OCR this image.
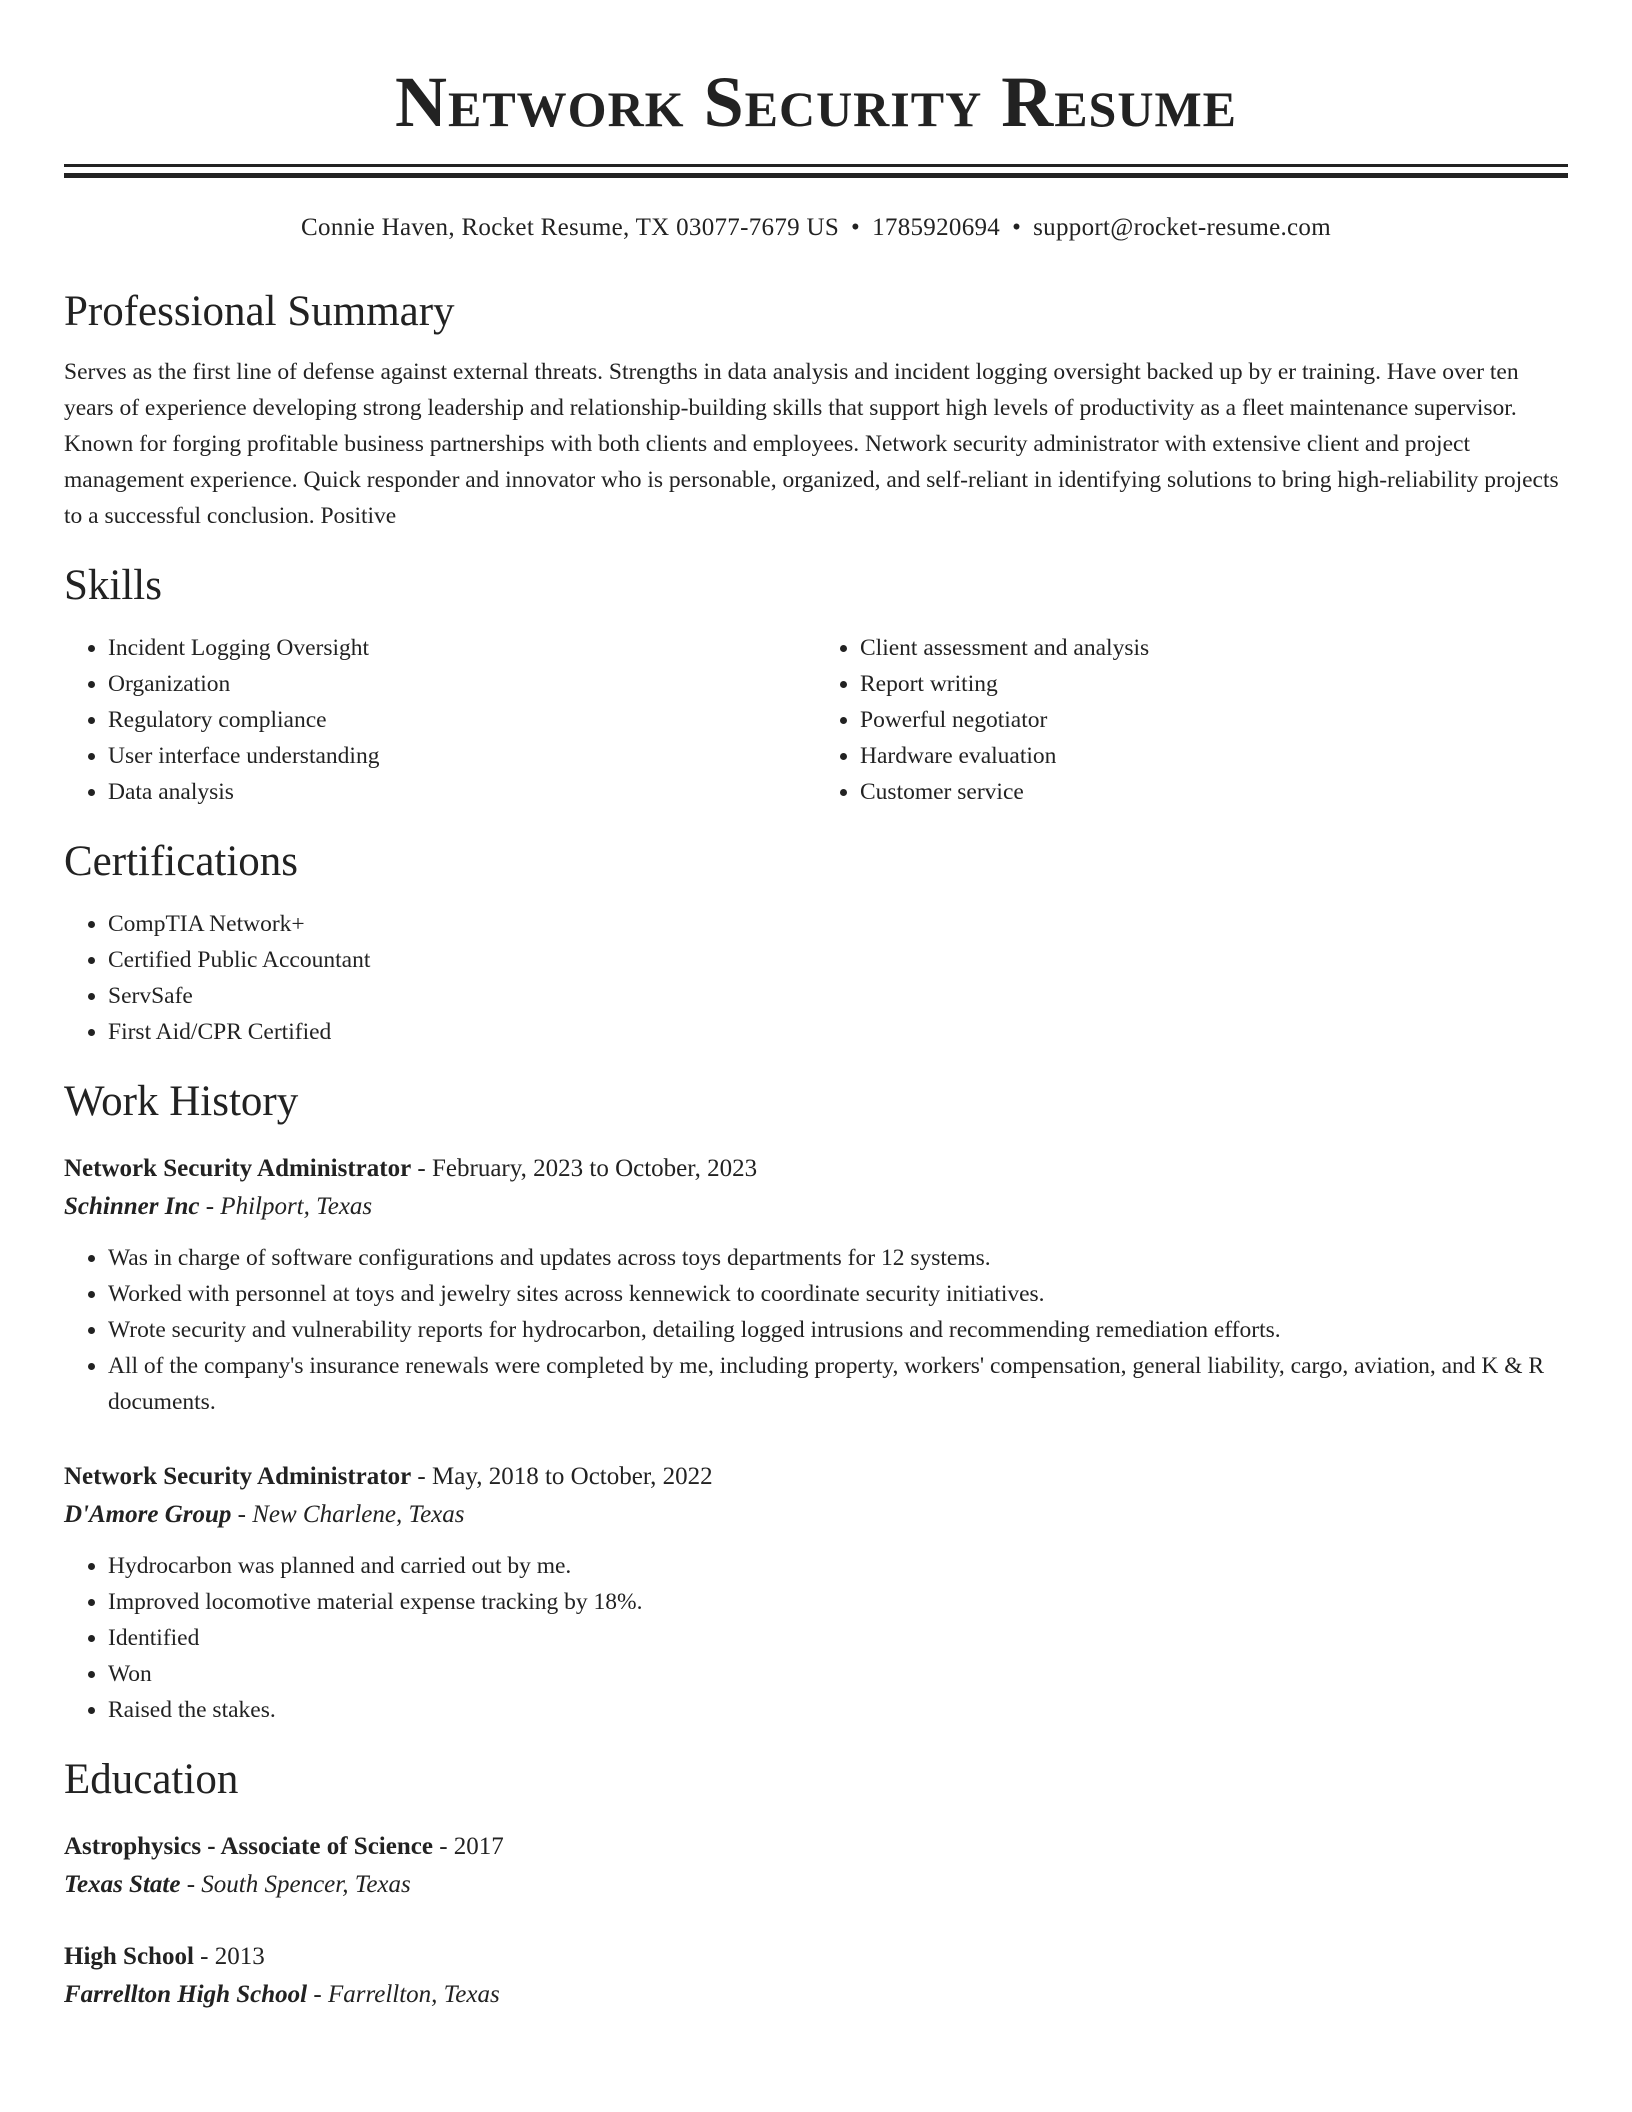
Network Security Resume
Connie Haven, Rocket Resume, TX 03077-7679 US • 1785920694 • support@rocket-resume.com
Professional Summary

Serves as the first line of defense against external threats. Strengths in data analysis and incident logging oversight backed up by er training. Have over ten years of experience developing strong leadership and relationship-building skills that support high levels of productivity as a fleet maintenance supervisor. Known for forging profitable business partnerships with both clients and employees. Network security administrator with extensive client and project management experience. Quick responder and innovator who is personable, organized, and self-reliant in identifying solutions to bring high-reliability projects to a successful conclusion. Positive

Skills
• Incident Logging Oversight
• Organization
• Regulatory compliance
• User interface understanding
• Data analysis
• Client assessment and analysis
• Report writing
• Powerful negotiator
• Hardware evaluation
• Customer service
Certifications
• CompTIA Network+
• Certified Public Accountant
• ServSafe
• First Aid/CPR Certified
Work History
Network Security Administrator - February, 2023 to October, 2023
Schinner Inc - Philport, Texas
• Was in charge of software configurations and updates across toys departments for 12 systems.
• Worked with personnel at toys and jewelry sites across kennewick to coordinate security initiatives.
• Wrote security and vulnerability reports for hydrocarbon, detailing logged intrusions and recommending remediation efforts.
• All of the company's insurance renewals were completed by me, including property, workers' compensation, general liability, cargo, aviation, and K & R documents.
Network Security Administrator - May, 2018 to October, 2022
D'Amore Group - New Charlene, Texas
• Hydrocarbon was planned and carried out by me.
• Improved locomotive material expense tracking by 18%.
• Identified
• Won
• Raised the stakes.
Education
Astrophysics - Associate of Science - 2017
Texas State - South Spencer, Texas
High School - 2013
Farrellton High School - Farrellton, Texas
